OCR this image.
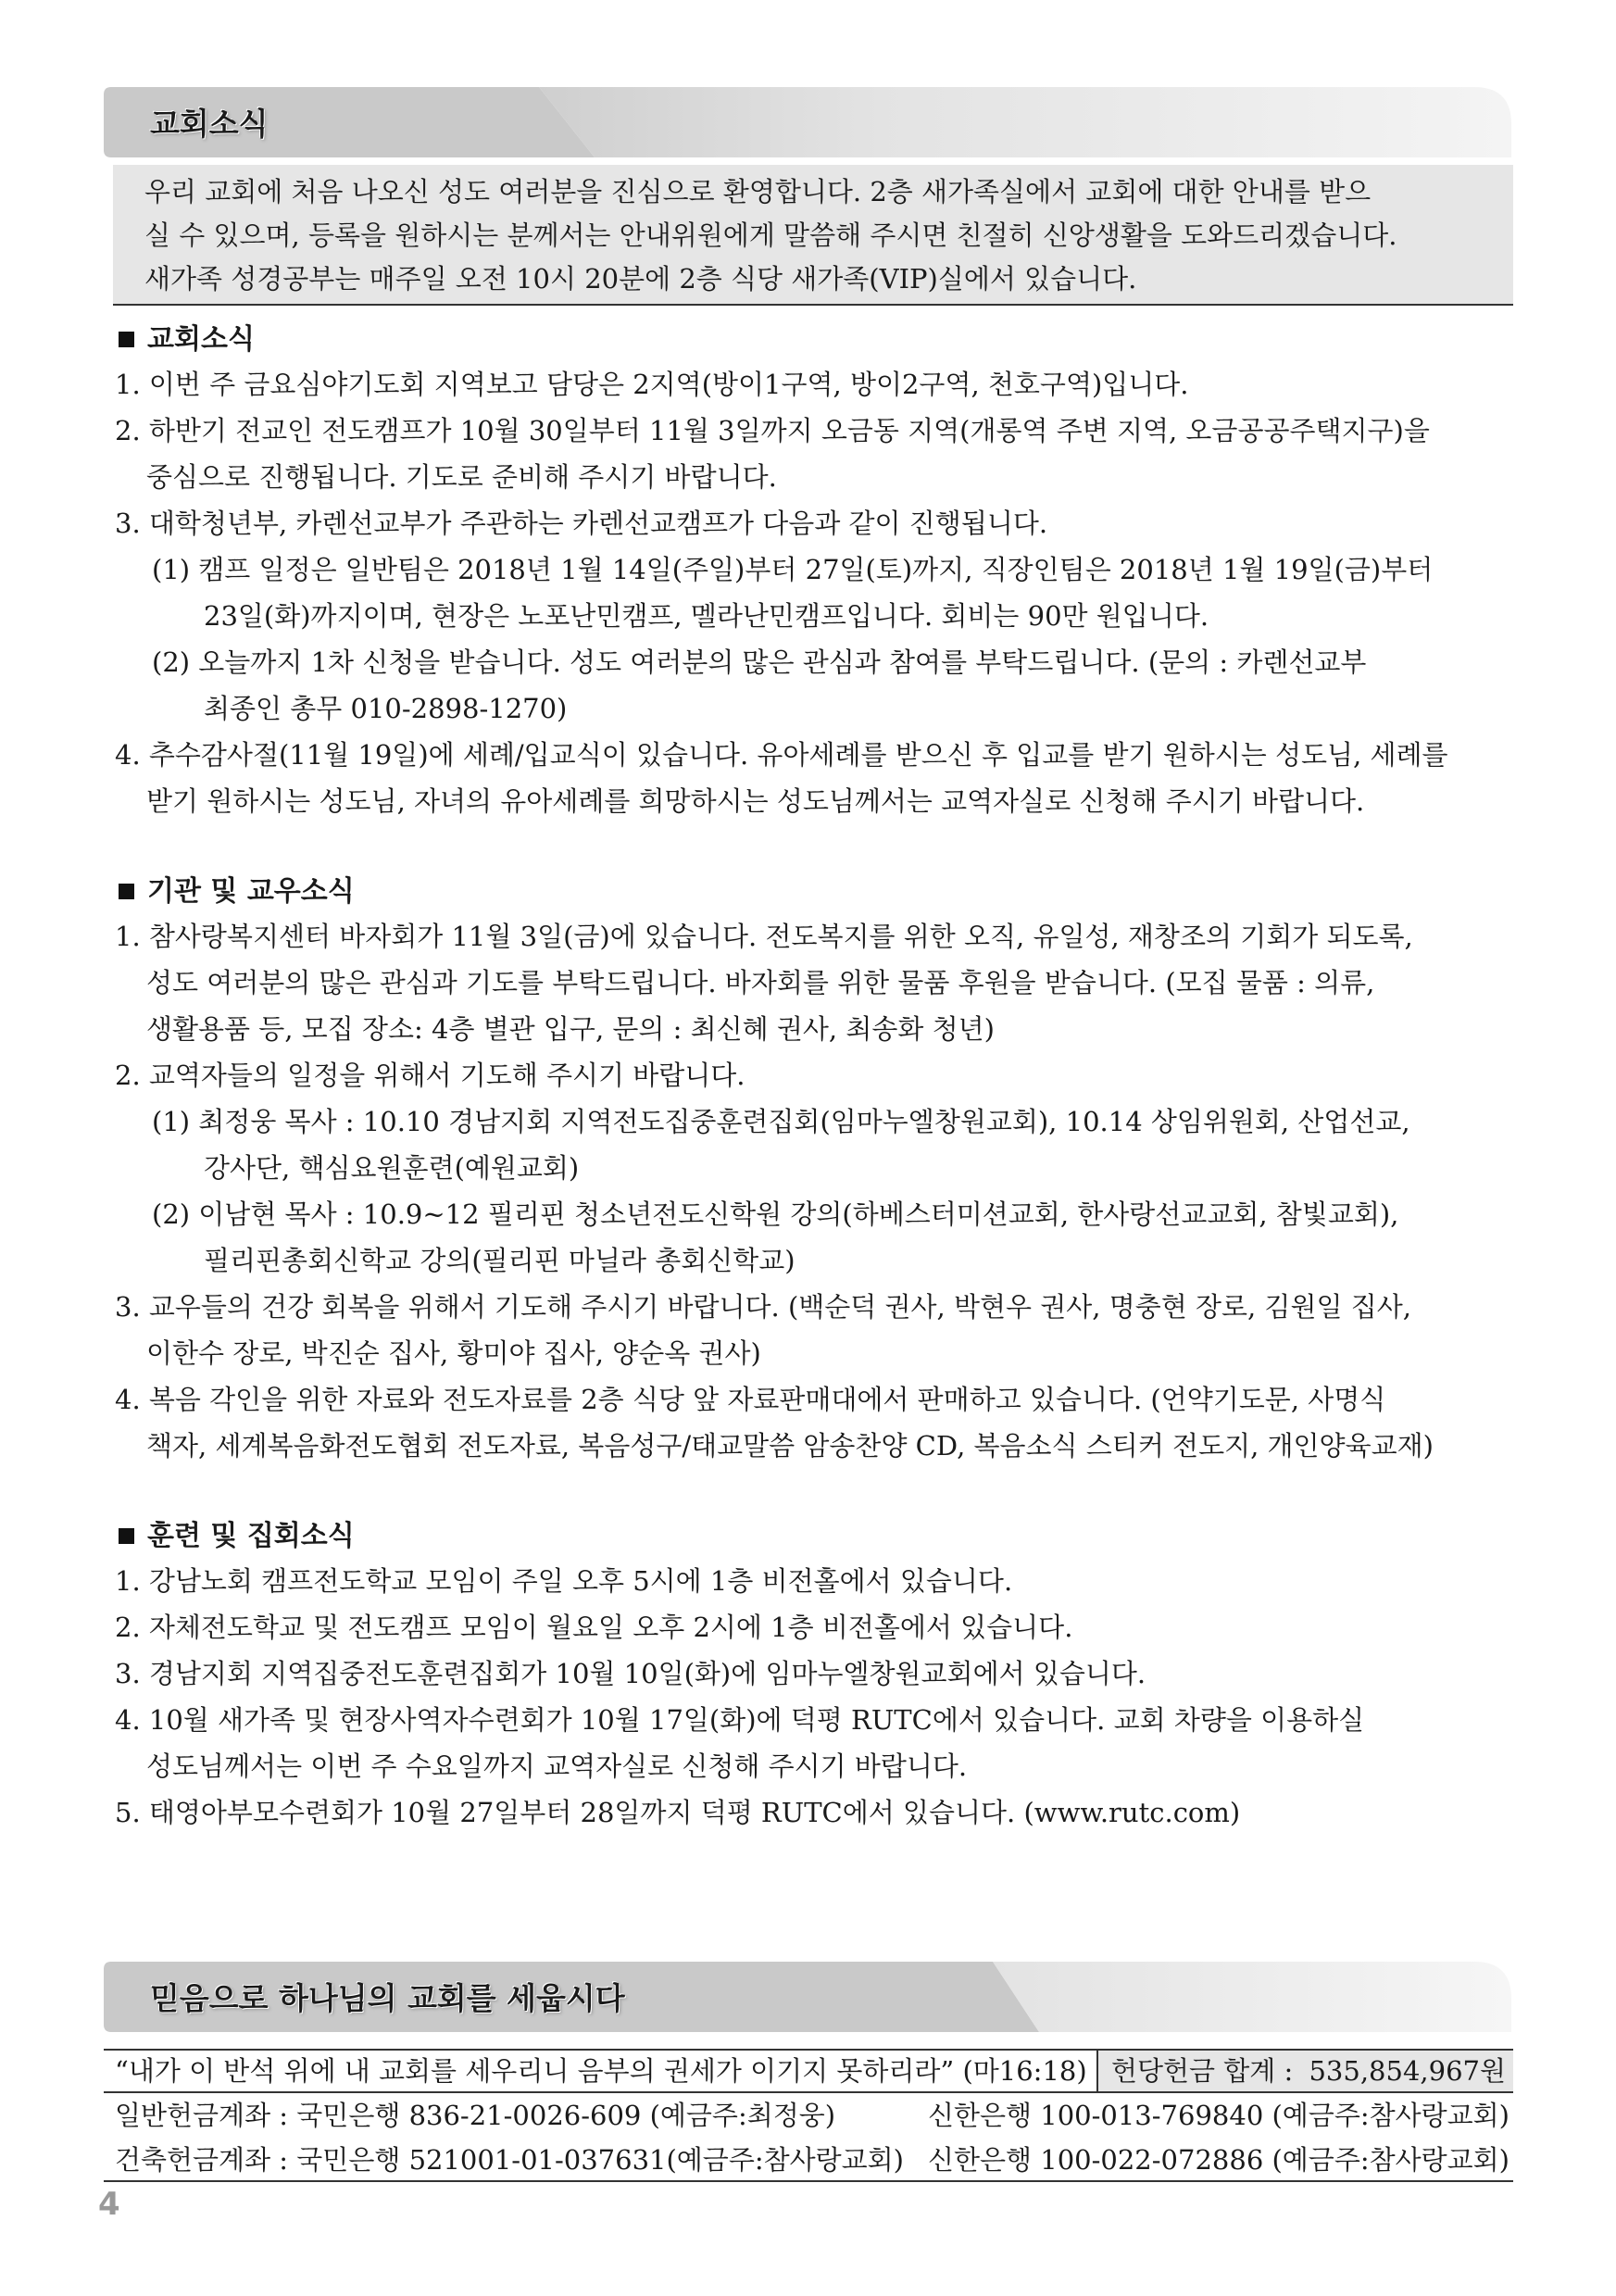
교회소식

우리 교회에 처음 나오신 성도 여러분을 진심으로 환영합니다. 2층 새가족실에서 교회에 대한 안내를 받으

실 수 있으며, 등록을 원하시는 분께서는 안내위원에게 말씀해 주시면 친절히 신앙생활을 도와드리겠습니다.

새가족 성경공부는 매주일 오전 10시 20분에 2층 식당 새가족(VIP)실에서 있습니다.

교회소식
1. 이번 주 금요심야기도회 지역보고 담당은 2지역(방이1구역, 방이2구역, 천호구역)입니다.
2. 하반기 전교인 전도캠프가 10월 30일부터 11월 3일까지 오금동 지역(개롱역 주변 지역, 오금공공주택지구)을
중심으로 진행됩니다. 기도로 준비해 주시기 바랍니다.
3. 대학청년부, 카렌선교부가 주관하는 카렌선교캠프가 다음과 같이 진행됩니다.
(1) 캠프 일정은 일반팀은 2018년 1월 14일(주일)부터 27일(토)까지, 직장인팀은 2018년 1월 19일(금)부터
23일(화)까지이며, 현장은 노포난민캠프, 멜라난민캠프입니다. 회비는 90만 원입니다.
(2) 오늘까지 1차 신청을 받습니다. 성도 여러분의 많은 관심과 참여를 부탁드립니다. (문의 : 카렌선교부
최종인 총무 010-2898-1270)
4. 추수감사절(11월 19일)에 세례/입교식이 있습니다. 유아세례를 받으신 후 입교를 받기 원하시는 성도님, 세례를
받기 원하시는 성도님, 자녀의 유아세례를 희망하시는 성도님께서는 교역자실로 신청해 주시기 바랍니다.
기관 및 교우소식
1. 참사랑복지센터 바자회가 11월 3일(금)에 있습니다. 전도복지를 위한 오직, 유일성, 재창조의 기회가 되도록,
성도 여러분의 많은 관심과 기도를 부탁드립니다. 바자회를 위한 물품 후원을 받습니다. (모집 물품 : 의류,
생활용품 등, 모집 장소: 4층 별관 입구, 문의 : 최신혜 권사, 최송화 청년)
2. 교역자들의 일정을 위해서 기도해 주시기 바랍니다.
(1) 최정웅 목사 : 10.10 경남지회 지역전도집중훈련집회(임마누엘창원교회), 10.14 상임위원회, 산업선교,
강사단, 핵심요원훈련(예원교회)
(2) 이남현 목사 : 10.9~12 필리핀 청소년전도신학원 강의(하베스터미션교회, 한사랑선교교회, 참빛교회),
필리핀총회신학교 강의(필리핀 마닐라 총회신학교)
3. 교우들의 건강 회복을 위해서 기도해 주시기 바랍니다. (백순덕 권사, 박현우 권사, 명충현 장로, 김원일 집사,
이한수 장로, 박진순 집사, 황미야 집사, 양순옥 권사)
4. 복음 각인을 위한 자료와 전도자료를 2층 식당 앞 자료판매대에서 판매하고 있습니다. (언약기도문, 사명식
책자, 세계복음화전도협회 전도자료, 복음성구/태교말씀 암송찬양 CD, 복음소식 스티커 전도지, 개인양육교재)
훈련 및 집회소식
1. 강남노회 캠프전도학교 모임이 주일 오후 5시에 1층 비전홀에서 있습니다.
2. 자체전도학교 및 전도캠프 모임이 월요일 오후 2시에 1층 비전홀에서 있습니다.
3. 경남지회 지역집중전도훈련집회가 10월 10일(화)에 임마누엘창원교회에서 있습니다.
4. 10월 새가족 및 현장사역자수련회가 10월 17일(화)에 덕평 RUTC에서 있습니다. 교회 차량을 이용하실
성도님께서는 이번 주 수요일까지 교역자실로 신청해 주시기 바랍니다.
5. 태영아부모수련회가 10월 27일부터 28일까지 덕평 RUTC에서 있습니다. (www.rutc.com)
믿음으로 하나님의 교회를 세웁시다
“내가 이 반석 위에 내 교회를 세우리니 음부의 권세가 이기지 못하리라” (마16:18) 헌당헌금 합계 : 535,854,967원
일반헌금계좌 : 국민은행 836-21-0026-609 (예금주:최정웅)	신한은행 100-013-769840 (예금주:참사랑교회)
건축헌금계좌 : 국민은행 521001-01-037631(예금주:참사랑교회) 신한은행 100-022-072886 (예금주:참사랑교회)
4
